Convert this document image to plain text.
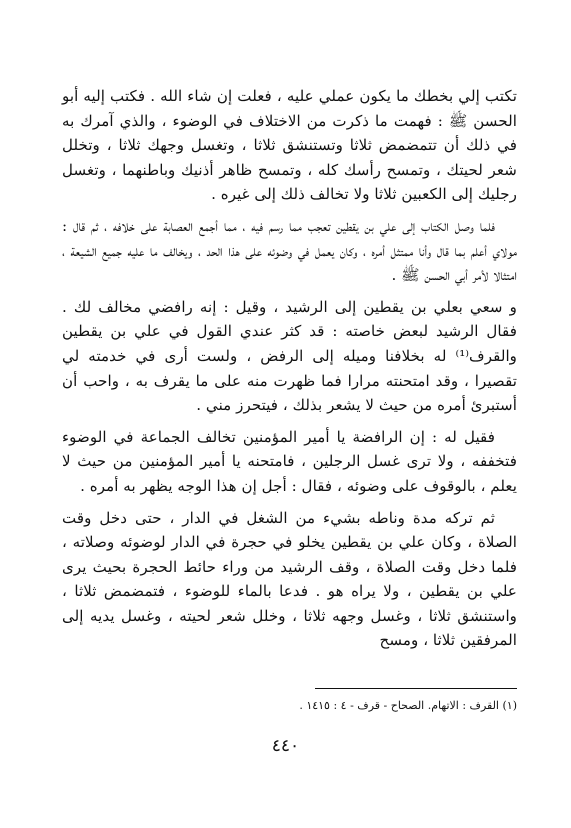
تكتب إلي بخطك ما يكون عملي عليه ، فعلت إن شاء الله . فكتب إليه أبو الحسن ﷺ : فهمت ما ذكرت من الاختلاف في الوضوء ، والذي آمرك به في ذلك أن تتمضمض ثلاثا وتستنشق ثلاثا ، وتغسل وجهك ثلاثا ، وتخلل شعر لحيتك ، وتمسح رأسك كله ، وتمسح ظاهر أذنيك وباطنهما ، وتغسل رجليك إلى الكعبين ثلاثا ولا تخالف ذلك إلى غيره .

فلما وصل الكتاب إلى علي بن يقطين تعجب مما رسم فيه ، مما أجمع العصابة على خلافه ، ثم قال : مولاي أعلم بما قال وأنا ممتثل أمره ، وكان يعمل في وضوئه على هذا الحد ، ويخالف ما عليه جميع الشيعة ، امتثالا لأمر أبي الحسن ﷺ .

و سعي بعلي بن يقطين إلى الرشيد ، وقيل : إنه رافضي مخالف لك . فقال الرشيد لبعض خاصته : قد كثر عندي القول في علي بن يقطين والقرف⁽¹⁾ له بخلافنا وميله إلى الرفض ، ولست أرى في خدمته لي تقصيرا ، وقد امتحنته مرارا فما ظهرت منه على ما يقرف به ، واحب أن أستبرئ أمره من حيث لا يشعر بذلك ، فيتحرز مني .

فقيل له : إن الرافضة يا أمير المؤمنين تخالف الجماعة في الوضوء فتخففه ، ولا ترى غسل الرجلين ، فامتحنه يا أمير المؤمنين من حيث لا يعلم ، بالوقوف على وضوئه ، فقال : أجل إن هذا الوجه يظهر به أمره .

ثم تركه مدة وناطه بشيء من الشغل في الدار ، حتى دخل وقت الصلاة ، وكان علي بن يقطين يخلو في حجرة في الدار لوضوئه وصلاته ، فلما دخل وقت الصلاة ، وقف الرشيد من وراء حائط الحجرة بحيث يرى علي بن يقطين ، ولا يراه هو . فدعا بالماء للوضوء ، فتمضمض ثلاثا ، واستنشق ثلاثا ، وغسل وجهه ثلاثا ، وخلل شعر لحيته ، وغسل يديه إلى المرفقين ثلاثا ، ومسح

(١) القرف : الاتهام. الصحاح - قرف - ٤ : ١٤١٥ .
٤٤٠
